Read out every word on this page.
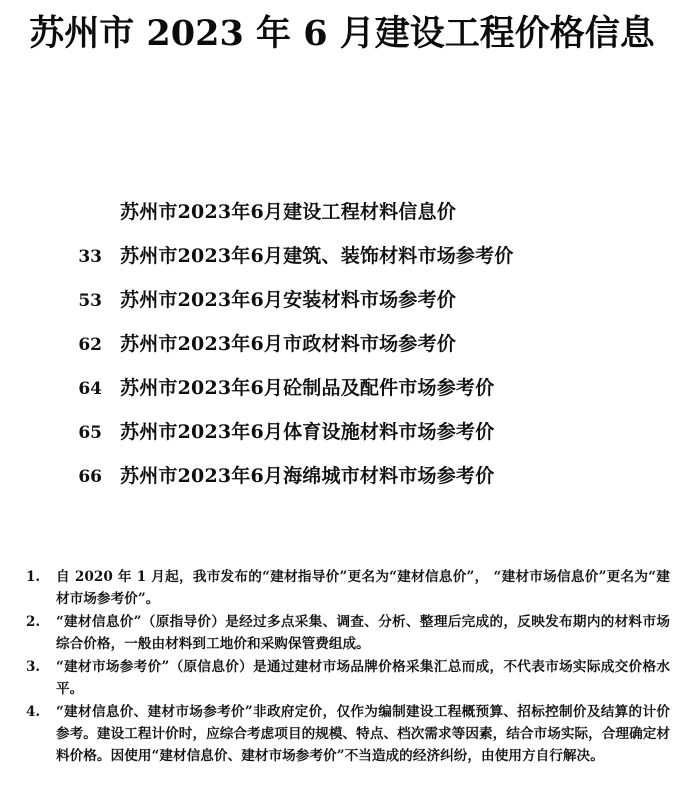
苏州市 2023 年 6 月建设工程价格信息
苏州市2023年6月建设工程材料信息价
33 苏州市2023年6月建筑、装饰材料市场参考价
53 苏州市2023年6月安装材料市场参考价
62 苏州市2023年6月市政材料市场参考价
64 苏州市2023年6月砼制品及配件市场参考价
65 苏州市2023年6月体育设施材料市场参考价
66 苏州市2023年6月海绵城市材料市场参考价
1.	自 2020 年 1 月起，我市发布的“建材指导价”更名为“建材信息价”， “建材市场信息价”更名为“建材市场参考价”。
2.	“建材信息价”（原指导价）是经过多点采集、调查、分析、整理后完成的，反映发布期内的材料市场综合价格，一般由材料到工地价和采购保管费组成。
3.	“建材市场参考价”（原信息价）是通过建材市场品牌价格采集汇总而成，不代表市场实际成交价格水平。
4.	“建材信息价、建材市场参考价”非政府定价，仅作为编制建设工程概预算、招标控制价及结算的计价参考。建设工程计价时，应综合考虑项目的规模、特点、档次需求等因素，结合市场实际，合理确定材料价格。因使用“建材信息价、建材市场参考价”不当造成的经济纠纷，由使用方自行解决。
